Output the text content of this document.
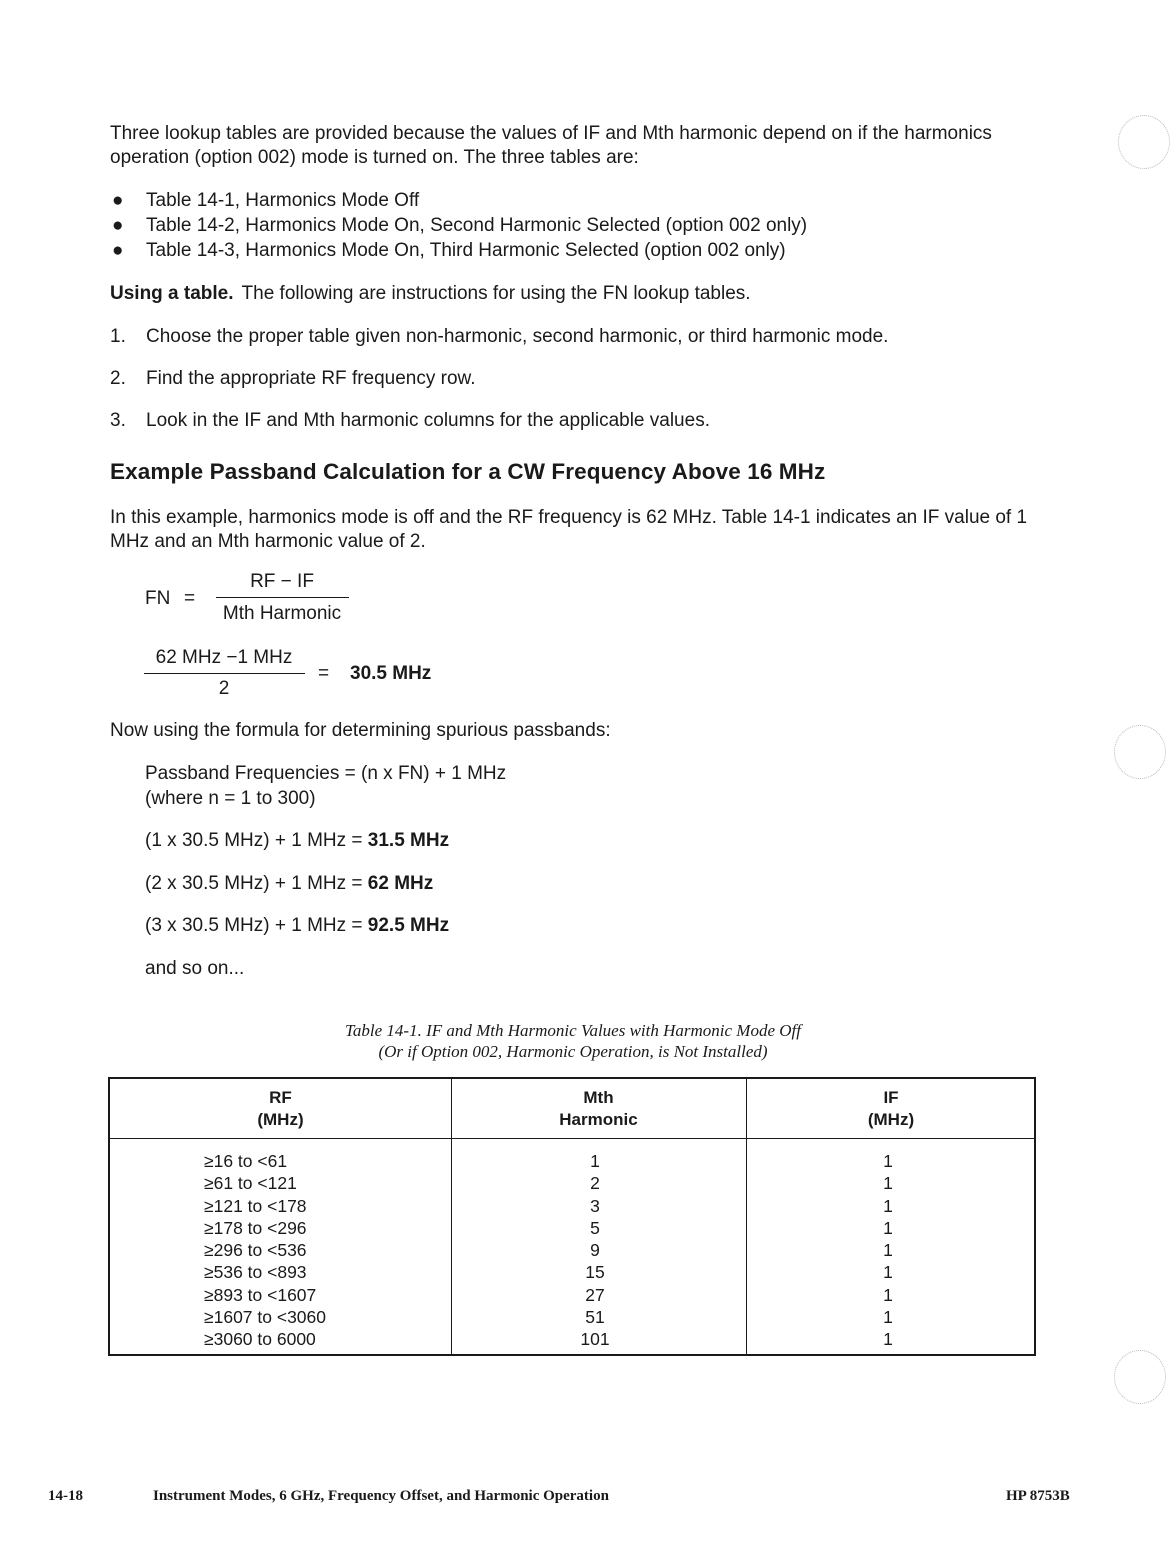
Three lookup tables are provided because the values of IF and Mth harmonic depend on if the harmonics operation (option 002) mode is turned on. The three tables are:
● Table 14-1, Harmonics Mode Off
● Table 14-2, Harmonics Mode On, Second Harmonic Selected (option 002 only)
● Table 14-3, Harmonics Mode On, Third Harmonic Selected (option 002 only)
Using a table. The following are instructions for using the FN lookup tables.
1. Choose the proper table given non-harmonic, second harmonic, or third harmonic mode.
2. Find the appropriate RF frequency row.
3. Look in the IF and Mth harmonic columns for the applicable values.
Example Passband Calculation for a CW Frequency Above 16 MHz
In this example, harmonics mode is off and the RF frequency is 62 MHz. Table 14-1 indicates an IF value of 1 MHz and an Mth harmonic value of 2.
FN =
RF − IF
Mth Harmonic
62 MHz −1 MHz
2
= 30.5 MHz
Now using the formula for determining spurious passbands:
Passband Frequencies = (n x FN) + 1 MHz
(where n = 1 to 300)
(1 x 30.5 MHz) + 1 MHz = 31.5 MHz
(2 x 30.5 MHz) + 1 MHz = 62 MHz
(3 x 30.5 MHz) + 1 MHz = 92.5 MHz
and so on...
Table 14-1. IF and Mth Harmonic Values with Harmonic Mode Off
(Or if Option 002, Harmonic Operation, is Not Installed)
RF
(MHz)
Mth
Harmonic
IF
(MHz)
≥16 to <61
≥61 to <121
≥121 to <178
≥178 to <296
≥296 to <536
≥536 to <893
≥893 to <1607
≥1607 to <3060
≥3060 to 6000
1
2
3
5
9
15
27
51
101
1
1
1
1
1
1
1
1
1
14-18	Instrument Modes, 6 GHz, Frequency Offset, and Harmonic Operation	HP 8753B
